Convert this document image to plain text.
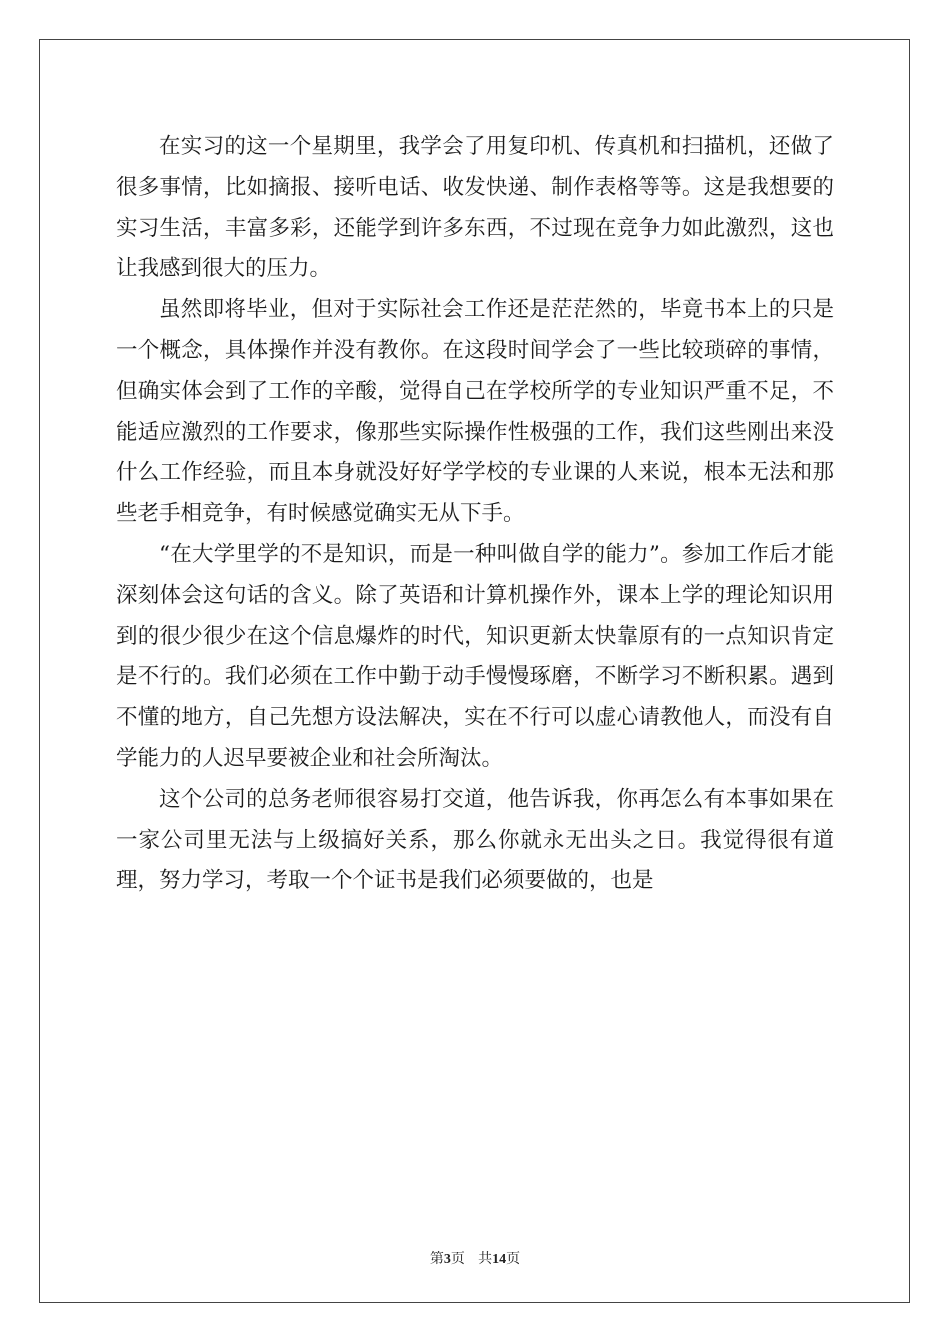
在实习的这一个星期里，我学会了用复印机、传真机和扫描机，还做了很多事情，比如摘报、接听电话、收发快递、制作表格等等。这是我想要的实习生活，丰富多彩，还能学到许多东西，不过现在竞争力如此激烈，这也让我感到很大的压力。

虽然即将毕业，但对于实际社会工作还是茫茫然的，毕竟书本上的只是一个概念，具体操作并没有教你。在这段时间学会了一些比较琐碎的事情，但确实体会到了工作的辛酸，觉得自己在学校所学的专业知识严重不足，不能适应激烈的工作要求，像那些实际操作性极强的工作，我们这些刚出来没什么工作经验，而且本身就没好好学学校的专业课的人来说，根本无法和那些老手相竞争，有时候感觉确实无从下手。

“在大学里学的不是知识，而是一种叫做自学的能力”。参加工作后才能深刻体会这句话的含义。除了英语和计算机操作外，课本上学的理论知识用到的很少很少在这个信息爆炸的时代，知识更新太快靠原有的一点知识肯定是不行的。我们必须在工作中勤于动手慢慢琢磨，不断学习不断积累。遇到不懂的地方，自己先想方设法解决，实在不行可以虚心请教他人，而没有自学能力的人迟早要被企业和社会所淘汰。

这个公司的总务老师很容易打交道，他告诉我，你再怎么有本事如果在一家公司里无法与上级搞好关系，那么你就永无出头之日。我觉得很有道理，努力学习，考取一个个证书是我们必须要做的，也是

第3页 共14页
